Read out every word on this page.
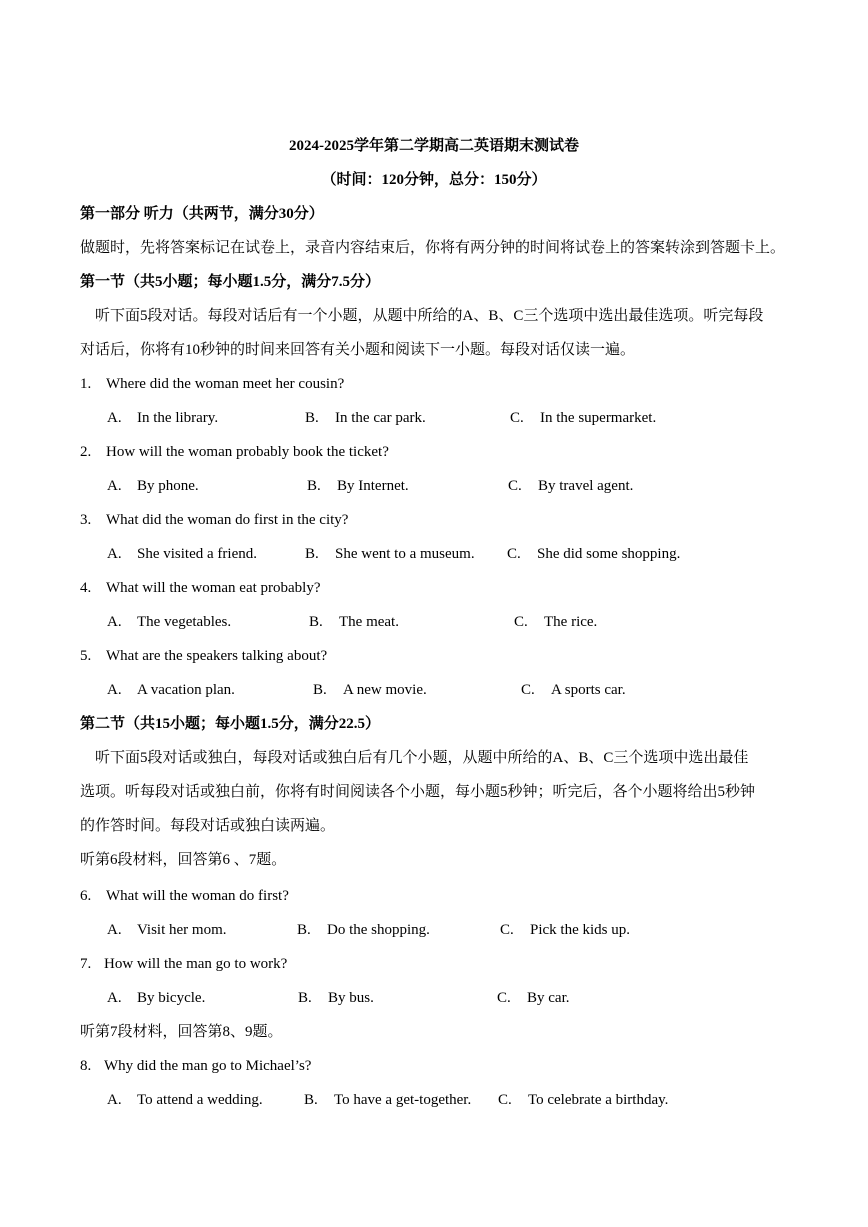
2024-2025学年第二学期高二英语期末测试卷
（时间：120分钟，总分：150分）
第一部分 听力（共两节，满分30分）
做题时，先将答案标记在试卷上，录音内容结束后，你将有两分钟的时间将试卷上的答案转涂到答题卡上。
第一节（共5小题；每小题1.5分，满分7.5分）
听下面5段对话。每段对话后有一个小题，从题中所给的A、B、C三个选项中选出最佳选项。听完每段
对话后，你将有10秒钟的时间来回答有关小题和阅读下一小题。每段对话仅读一遍。
1. Where did the woman meet her cousin?
A. In the library.	B. In the car park.	C. In the supermarket.
2. How will the woman probably book the ticket?
A. By phone.	B. By Internet.	C. By travel agent.
3. What did the woman do first in the city?
A. She visited a friend.	B. She went to a museum. C. She did some shopping.
4. What will the woman eat probably?
A. The vegetables.	B. The meat.	C. The rice.
5. What are the speakers talking about?
A. A vacation plan.	B. A new movie.	C. A sports car.
第二节（共15小题；每小题1.5分，满分22.5）
听下面5段对话或独白，每段对话或独白后有几个小题，从题中所给的A、B、C三个选项中选出最佳
选项。听每段对话或独白前，你将有时间阅读各个小题，每小题5秒钟；听完后，各个小题将给出5秒钟
的作答时间。每段对话或独白读两遍。
听第6段材料，回答第6 、7题。
6. What will the woman do first?
A. Visit her mom.	B. Do the shopping.	C. Pick the kids up.
7. How will the man go to work?
A. By bicycle.	B. By bus.	C. By car.
听第7段材料，回答第8、9题。
8. Why did the man go to Michael’s?
A. To attend a wedding.	B. To have a get-together. C. To celebrate a birthday.
